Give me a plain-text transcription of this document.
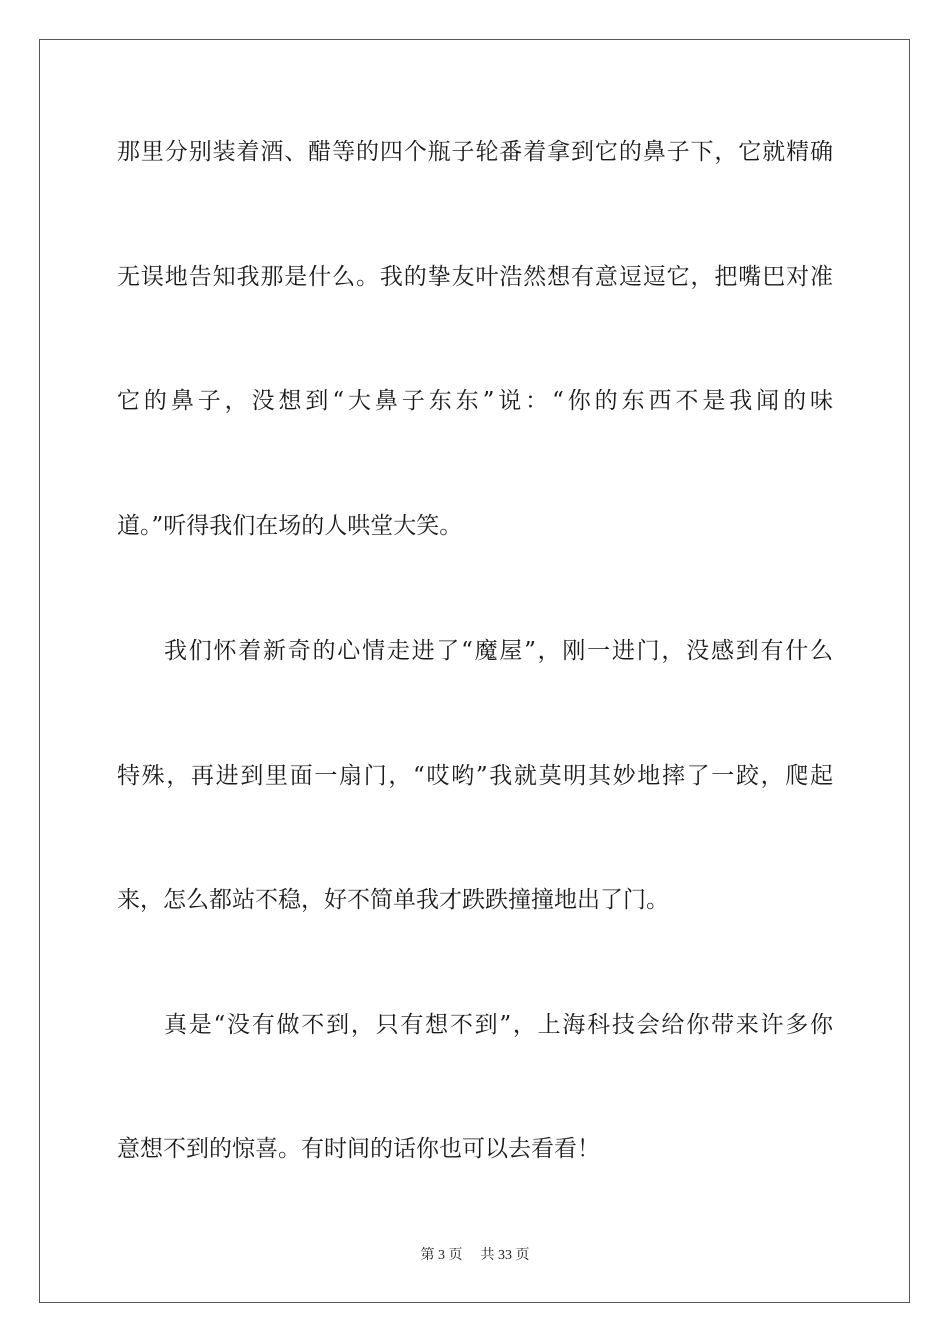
那里分别装着酒、醋等的四个瓶子轮番着拿到它的鼻子下，它就精确
无误地告知我那是什么。我的挚友叶浩然想有意逗逗它，把嘴巴对准
它的鼻子，没想到“大鼻子东东”说：“你的东西不是我闻的味
道。”听得我们在场的人哄堂大笑。
我们怀着新奇的心情走进了“魔屋”，刚一进门，没感到有什么
特殊，再进到里面一扇门，“哎哟”我就莫明其妙地摔了一跤，爬起
来，怎么都站不稳，好不简单我才跌跌撞撞地出了门。
真是“没有做不到，只有想不到”，上海科技会给你带来许多你
意想不到的惊喜。有时间的话你也可以去看看！
第 3 页 共 33 页
